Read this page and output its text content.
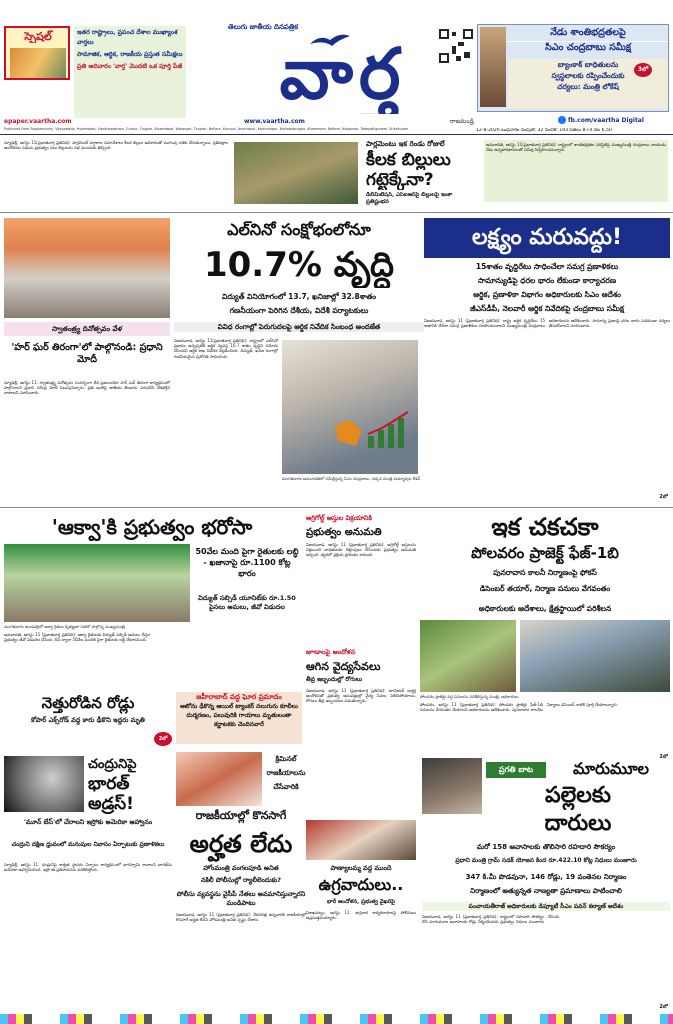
స్పెషల్	ఇతర రాష్ట్రాలు, ప్రపంచ దేశాల ముఖ్యాంశ వార్తలు
సామాజిక, ఆర్థిక, రాజకీయ ప్రస్తుత సమీక్షలు
ప్రతి ఆదివారం 'వార్త' మొదటి ఒక పూర్తి పేజీ
epaper.vaartha.com
తెలుగు జాతీయ దినపత్రిక
వార్త
www.vaartha.com	రాజమండ్రి	fb.com/vaartha Digital
నేడు శాంతిభద్రతలపై
సిఎం చంద్రబాబు సమీక్ష
బ్యాంకాక్ బాధితులను
స్వస్థలాలకు రప్పించేందుకు
చర్యలు: మంత్రి లోకేష్
3లో
12-8-2026 బుధవారం సంపుటి: 32 సంచిక: 193 పేజీలు 8+4 వెల 6.50
Published from Rajahmundry, Vijayawada, Hyderabad, Visakhapatnam, Guntur, Ongole, Nizamabad, Warangal, Tirupati, Nellore, Kurnool, Anantapur, Karimnagar, Mahabubnagar, Khammam, Nellore, Nalgonda, Tadepalligudem, Srikakulam
న్యూఢిల్లీ, ఆగస్టు 11(ప్రభాతవార్త ప్రతినిధి): పార్లమెంట్ వర్షాకాల సమావేశాలు కీలక బిల్లుల ఆమోదంతో ముగింపు దశకు చేరుకున్నాయి. ప్రతిపక్షాల ఆందోళనల నడుమ ప్రభుత్వం పలు బిల్లులను సభ ముందుకు తెచ్చింది.	పార్లమెంటు ఇక రెండు రోజులే
కీలక బిల్లులు
గట్టెక్కేనా?
డీలిమిటేషన్, ఎస్ఐఆర్‌పై బిల్లులపై ఇంకా ప్రతిష్టంభన
అమరావతి, ఆగస్టు 11(ప్రభాతవార్త ప్రతినిధి): రాష్ట్రంలో శాంతిభద్రతల పరిస్థితిపై ముఖ్యమంత్రి చంద్రబాబు నాయుడు నేడు ఉన్నతాధికారులతో సమీక్ష నిర్వహించనున్నారు.
స్వాతంత్ర్య దినోత్సవం వేళ
'హర్ ఘర్ తిరంగా'లో పాల్గొనండి: ప్రధాని మోదీ
న్యూఢిల్లీ, ఆగస్టు 11: స్వాతంత్ర్య దినోత్సవం సందర్భంగా దేశ ప్రజలందరూ హర్ ఘర్ తిరంగా కార్యక్రమంలో పాల్గొనాలని ప్రధాని నరేంద్ర మోదీ పిలుపునిచ్చారు. ప్రతి ఇంటిపై జాతీయ జెండాను ఎగురవేసి దేశభక్తిని చాటాలని సూచించారు.
ఎల్‌నినో సంక్షోభంలోనూ
10.7% వృద్ధి
విద్యుత్ వినియోగంలో 13.7, ఖనిజాల్లో 32.8శాతం
గణనీయంగా పెరిగిన దేశీయ, విదేశీ పర్యాటకులు
వివిధ రంగాల్లో పెరుగుదలపై ఆర్థిక నివేదిక సింబంధ అందజేత
విజయవాడ, ఆగస్టు 11(ప్రభాతవార్త ప్రతినిధి): రాష్ట్రంలో ఎల్‌నినో ప్రభావం ఉన్నప్పటికీ ఆర్థిక వ్యవస్థ 10.7 శాతం వృద్ధిని నమోదు చేసిందని ఆర్థిక శాఖ నివేదిక వెల్లడించింది. విద్యుత్, ఖనిజ రంగాల్లో గణనీయమైన పురోగతి సాధించింది.
మంగళవారం అమరావతిలో సమీక్షిస్తున్న సిఎం చంద్రబాబు, పక్కన మంత్రి పయ్యావుల కేశవ్
లక్ష్యం మరువద్దు!
15శాతం వృద్ధిరేటు సాధించేలా సమగ్ర ప్రణాళికలు
సామాన్యుడిపై ధరల భారం లేకుండా కార్యాచరణ
ఆర్థిక, ప్రణాళికా విభాగం అధికారులకు సిఎం ఆదేశం
జీఎస్‌డీపీ, నెలవారీ ఆర్థిక నివేదికపై చంద్రబాబు సమీక్ష
విజయవాడ, ఆగస్టు 11 (ప్రభాతవార్త ప్రతినిధి): రాష్ట్ర ఆర్థిక వృద్ధిరేటు 15 శాతానికి చేరేలా సమగ్ర ప్రణాళికలు రూపొందించాలని ముఖ్యమంత్రి చంద్రబాబు అధికారులను ఆదేశించారు. సామాన్య ప్రజలపై ధరల భారం పడకుండా చర్యలు తీసుకోవాలని సూచించారు.
2లో
'ఆక్వా'కి ప్రభుత్వం భరోసా
50వేల మంది పైగా రైతులకు లబ్ధి - ఖజానాపై రూ.1100 కోట్ల భారం
విద్యుత్ సబ్సిడీ యూనిట్‌కు రూ.1.50 పైసలు అమలు, జీవో విడుదల
మంగళవారం ఉండవల్లిలో ఆక్వా రైతుల కృతజ్ఞతా సభలో పాల్గొన్న ముఖ్యమంత్రి
అమరావతి, ఆగస్టు 11 (ప్రభాతవార్త ప్రతినిధి): ఆక్వా రైతులకు విద్యుత్ సబ్సిడీ అమలు చేస్తూ ప్రభుత్వం జీవో విడుదల చేసింది. దీని ద్వారా 50వేల మందికి పైగా రైతులకు లబ్ధి చేకూరనుంది.
అగ్రిగోల్డ్ ఆస్తుల విక్రయానికి
ప్రభుత్వం అనుమతి
విజయవాడ, ఆగస్టు 11 (ప్రభాతవార్త ప్రతినిధి): అగ్రిగోల్డ్ ఆస్తులను విక్రయించి బాధితులకు చెల్లింపులు చేసేందుకు ప్రభుత్వం అనుమతి ఇచ్చింది. త్వరలో ప్రక్రియ ప్రారంభం కానుంది.
జూడాలపై ఆందోళన
ఆగిన వైద్యసేవలు
తీవ్ర ఇబ్బందుల్లో రోగులు
విజయవాడ, ఆగస్టు 11 (ప్రభాతవార్త ప్రతినిధి): జూనియర్ డాక్టర్ల ఆందోళనతో ప్రభుత్వ ఆసుపత్రుల్లో వైద్య సేవలు నిలిచిపోయాయి. రోగులు తీవ్ర ఇబ్బందులు పడుతున్నారు.
ఇక చకచకా
పోలవరం ప్రాజెక్ట్ ఫేజ్-1బి
పునరావాస కాలనీ నిర్మాణంపై ఫోకస్
డిసెంబర్ తయార్, నిర్మాణ పనులు వేగవంతం
అధికారులకు ఆదేశాలు, క్షేత్రస్థాయిలో పరిశీలన
పోలవరం ప్రాజెక్టు వద్ద పనులను పరిశీలిస్తున్న మంత్రి, అధికారులు
పోలవరం, ఆగస్టు 11 (ప్రభాతవార్త ప్రతినిధి): పోలవరం ప్రాజెక్టు ఫేజ్-1బి పనులను వేగవంతం చేయాలని అధికారులను ఆదేశించారు. పునరావాస కాలనీల నిర్మాణం డిసెంబర్ నాటికి పూర్తి చేయాలన్నారు.
2లో
నెత్తురోడిన రోడ్లు
కోపార్ ఎక్స్‌రోడ్ వద్ద కారు ఢీకొని ఇద్దరు మృతి
జహీరాబాద్ వద్ద ఘోర ప్రమాదం
ఆటోను ఢీకొన్న ఆయిల్ ట్యాంకర్ నలుగురు కూలీలు దుర్మరణం, పలువురికి గాయాలు మృతులంతా కర్ణాటకకు చెందినవారే
2లో
చంద్రునిపై
భారత్
అడ్రస్!
'మూన్ బేస్'లో చేరాలని ఇస్రోకు అమెరికా ఆహ్వానం
చంద్రుని దక్షిణ ధ్రువంలో మనుషుల నివాసం ఏర్పాటుకు ప్రణాళికలు
న్యూఢిల్లీ, ఆగస్టు 11: చంద్రునిపై శాశ్వత స్థావరం ఏర్పాటు కార్యక్రమంలో భాగస్వామి కావాలని భారత్‌ను అమెరికా ఆహ్వానించింది. ఇస్రో ఈ ప్రతిపాదనను పరిశీలిస్తోంది.
క్రిమినల్
రాజకీయాలను
చేసేవారికి
రాజకీయాల్లో కొనసాగే
అర్హత లేదు
హోంమంత్రి వంగలపూడి అనిత
నకిలీ పోలీసుల్లో ర్యాలీలెందుకు?
పోలీసు వ్యవస్థను వైసీపీ నేతలు అవమానిస్తున్నారని మండిపాటు
విజయవాడ, ఆగస్టు 11 (ప్రభాతవార్త ప్రతినిధి): నేరచరిత్ర ఉన్నవారికి రాజకీయాల్లో కొనసాగే అర్హత లేదని హోంమంత్రి అనిత స్పష్టం చేశారు.
పాణ్యాలమ్మ వద్ద ముందె
ఉగ్రవాదులు..
భారీ ఆందోళన, ప్రభుత్వ వైఖరిపై
విశాఖపట్నం, ఆగస్టు 11: ఉగ్రవాద కార్యకలాపాలపై పోలీసులు అప్రమత్తమయ్యారు.
ప్రగతి బాట	మారుమూల
పల్లెలకు
దారులు
మరో 158 ఆవాసాలకు తొలిసారి రహదారి సౌకర్యం
ప్రధాని మంత్రి గ్రామ్ సడక్ యోజన కింద రూ.422.10 కోట్ల నిధులు మంజూరు
347 కి.మీ పొడవునా, 146 రోడ్లు, 19 వంతెనల నిర్మాణం
నిర్మాణంలో అత్యున్నత నాణ్యతా ప్రమాణాలు పాటించాలి
పంచాయతీరాజ్ అధికారులకు డిప్యూటీ సీఎం పవన్ కల్యాణ్ ఆదేశం
విజయవాడ, ఆగస్టు 11 (ప్రభాతవార్త ప్రతినిధి): రాష్ట్రంలో రహదారి సౌకర్యం లేని మారుమూల ఆవాసాలకు రోడ్లు నిర్మించేందుకు ప్రభుత్వం నిధులు మంజూరు చేసింది.
2లో
